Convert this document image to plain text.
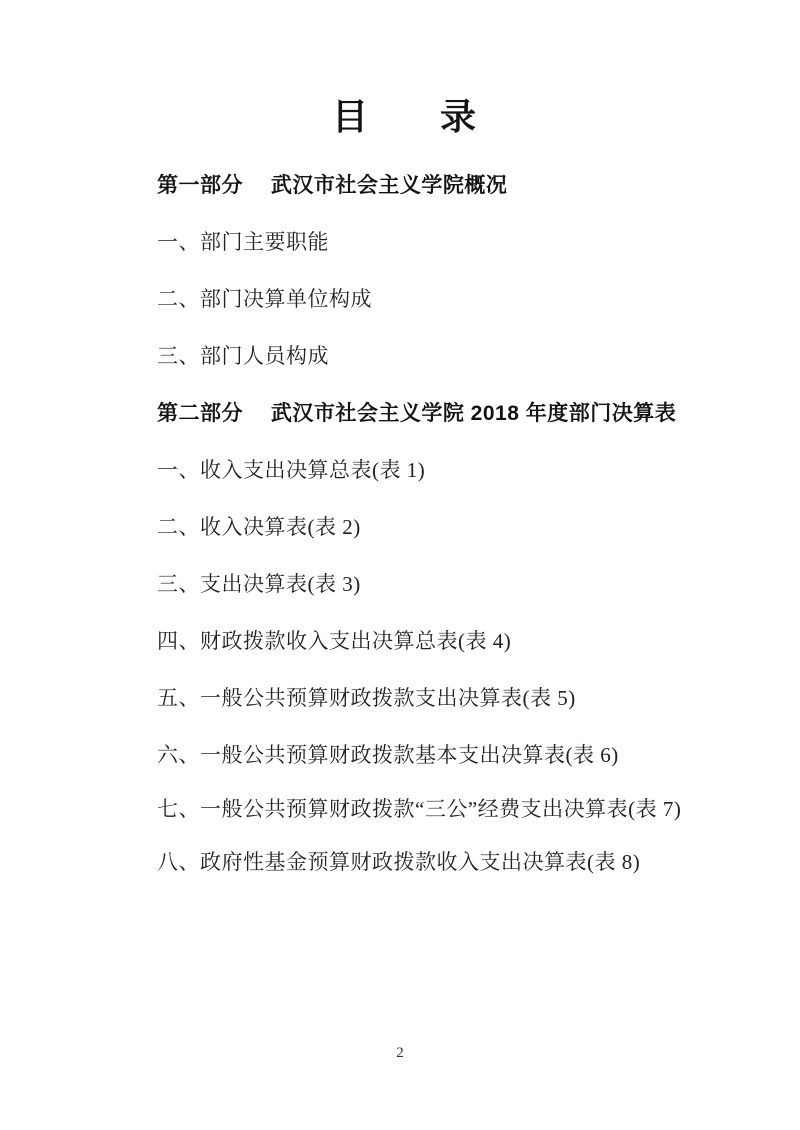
目　　录
第一部分　 武汉市社会主义学院概况

一、部门主要职能

二、部门决算单位构成

三、部门人员构成

第二部分　 武汉市社会主义学院 2018 年度部门决算表

一、收入支出决算总表(表 1)

二、收入决算表(表 2)

三、支出决算表(表 3)

四、财政拨款收入支出决算总表(表 4)

五、一般公共预算财政拨款支出决算表(表 5)

六、一般公共预算财政拨款基本支出决算表(表 6)

七、一般公共预算财政拨款“三公”经费支出决算表(表 7)

八、政府性基金预算财政拨款收入支出决算表(表 8)

2
